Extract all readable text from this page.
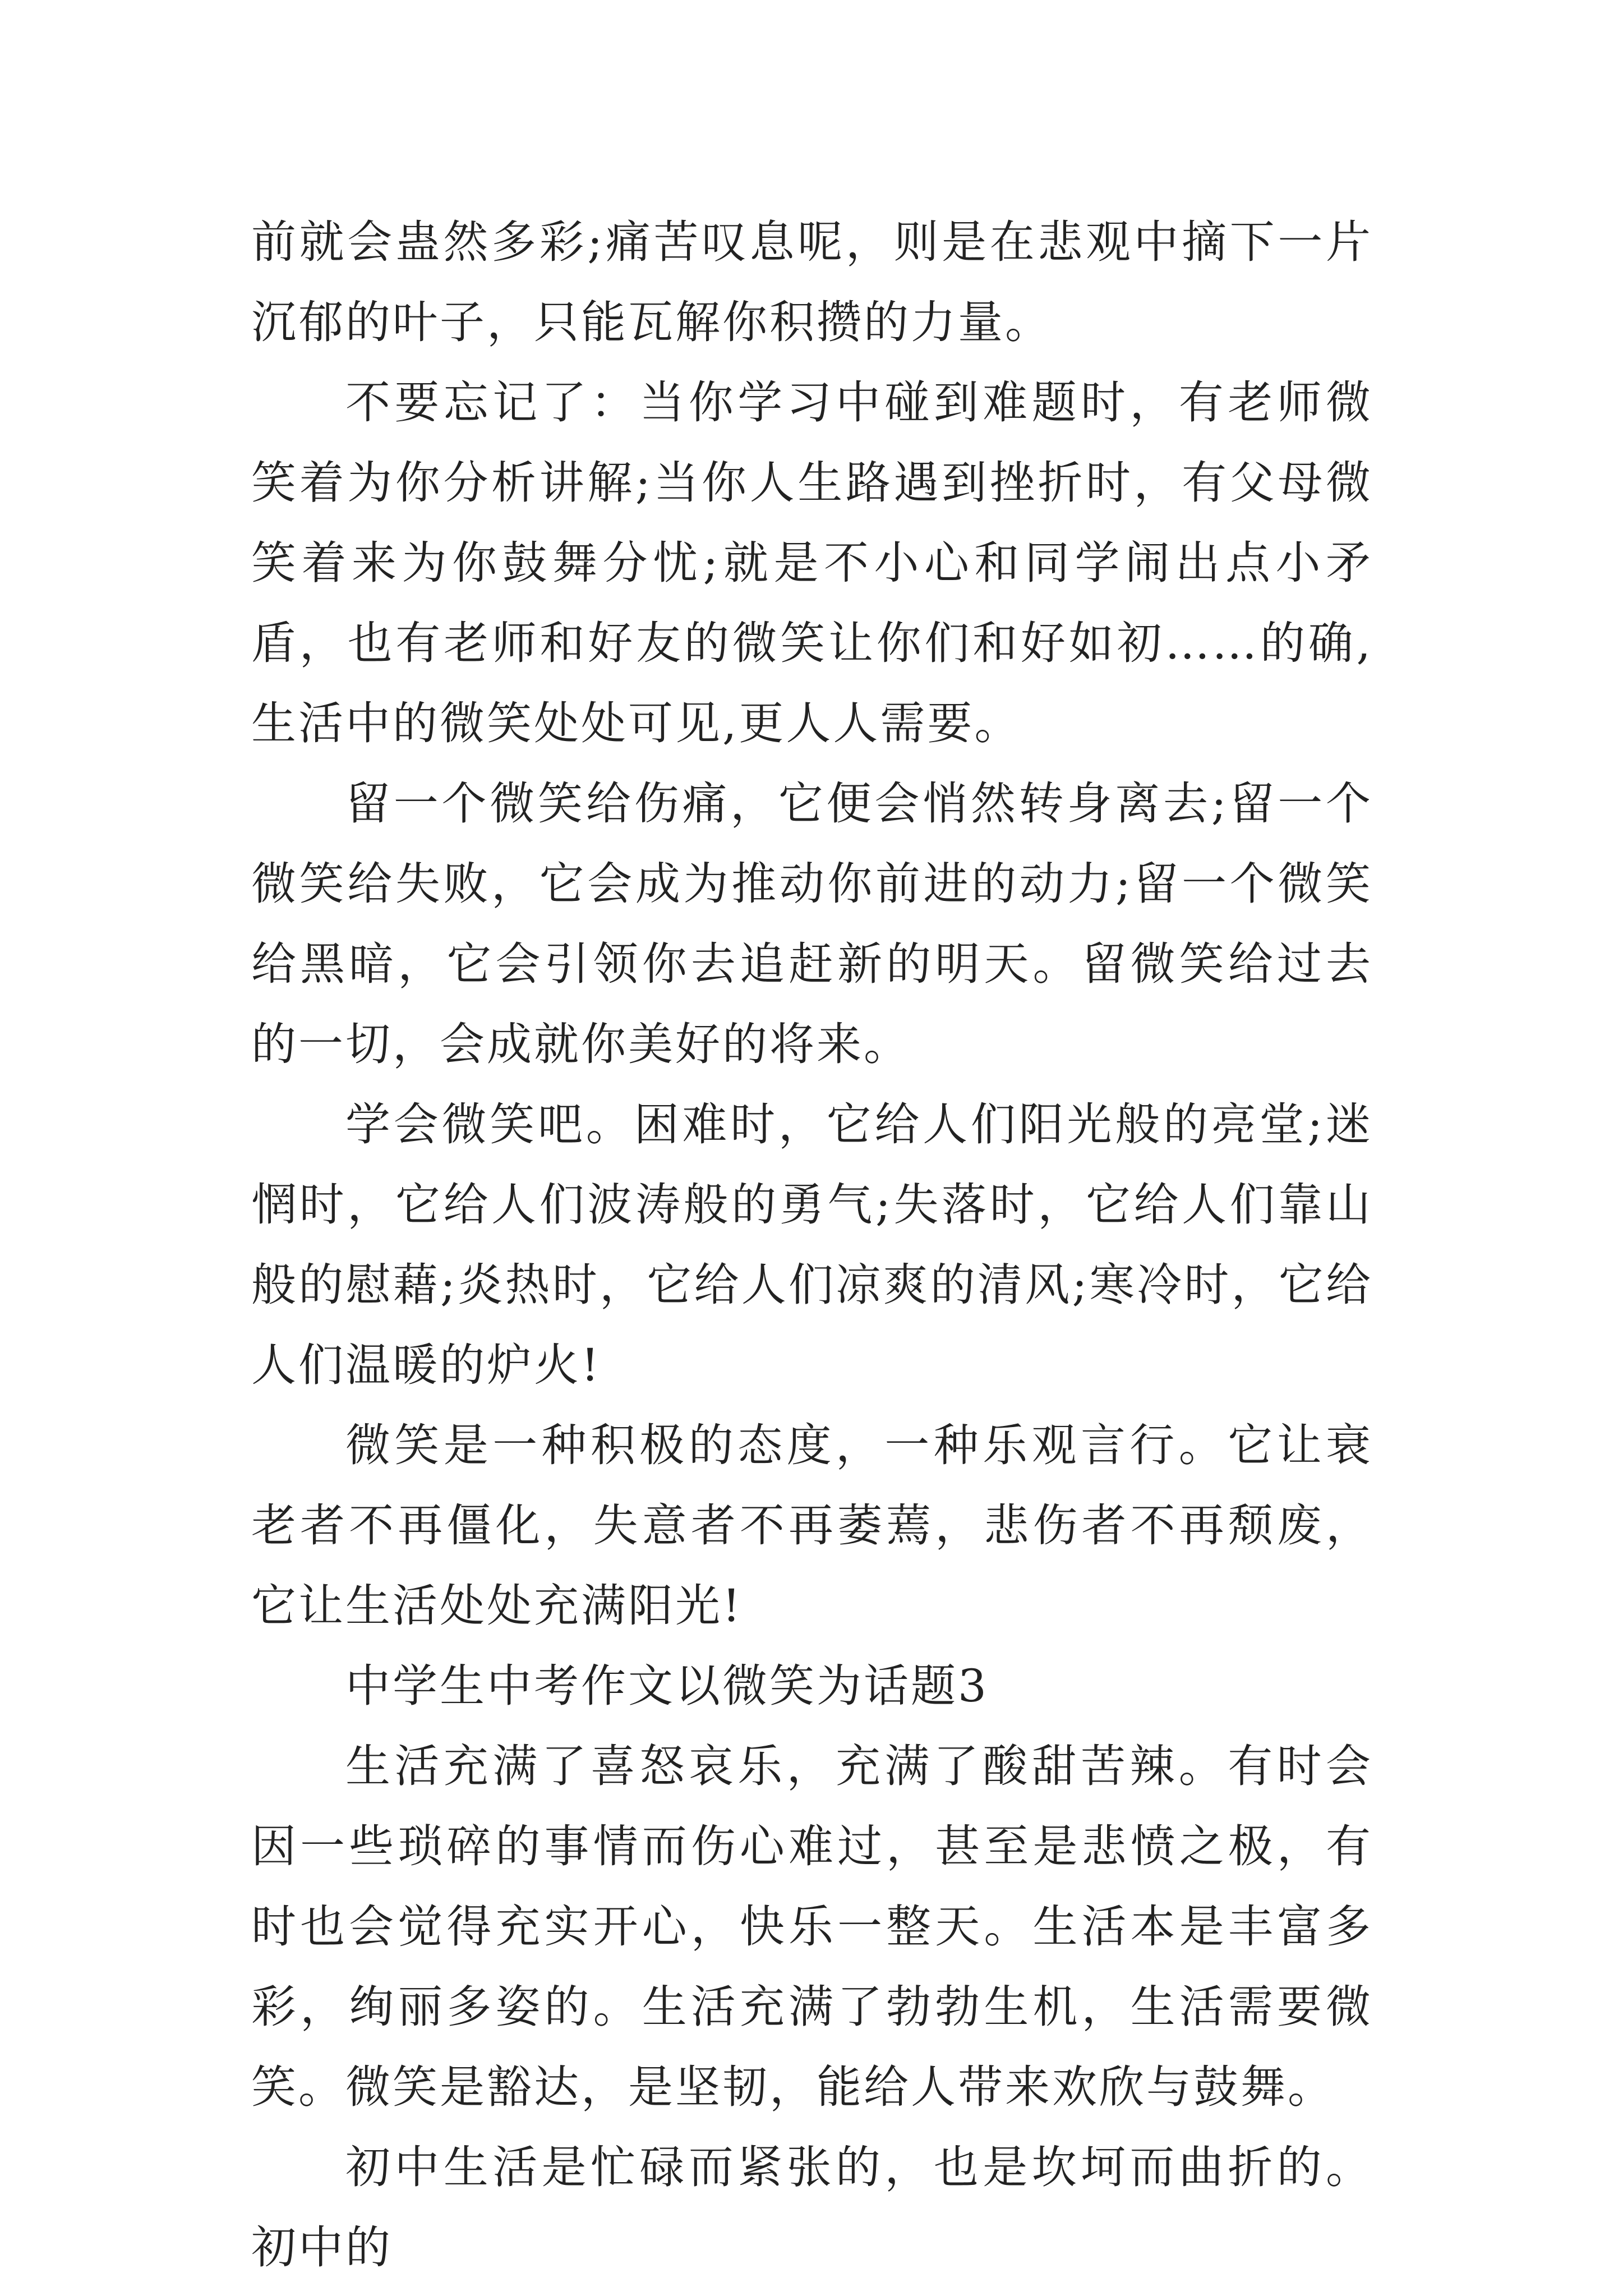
前就会蛊然多彩;痛苦叹息呢，则是在悲观中摘下一片沉郁的叶子，只能瓦解你积攒的力量。

不要忘记了：当你学习中碰到难题时，有老师微笑着为你分析讲解;当你人生路遇到挫折时，有父母微笑着来为你鼓舞分忧;就是不小心和同学闹出点小矛盾，也有老师和好友的微笑让你们和好如初……的确,生活中的微笑处处可见,更人人需要。

留一个微笑给伤痛，它便会悄然转身离去;留一个微笑给失败，它会成为推动你前进的动力;留一个微笑给黑暗，它会引领你去追赶新的明天。留微笑给过去的一切，会成就你美好的将来。

学会微笑吧。困难时，它给人们阳光般的亮堂;迷惘时，它给人们波涛般的勇气;失落时，它给人们靠山般的慰藉;炎热时，它给人们凉爽的清风;寒冷时，它给人们温暖的炉火!

微笑是一种积极的态度，一种乐观言行。它让衰老者不再僵化，失意者不再萎蔫，悲伤者不再颓废，它让生活处处充满阳光!

中学生中考作文以微笑为话题3

生活充满了喜怒哀乐，充满了酸甜苦辣。有时会因一些琐碎的事情而伤心难过，甚至是悲愤之极，有时也会觉得充实开心，快乐一整天。生活本是丰富多彩，绚丽多姿的。生活充满了勃勃生机，生活需要微笑。微笑是豁达，是坚韧，能给人带来欢欣与鼓舞。

初中生活是忙碌而紧张的，也是坎坷而曲折的。初中的
